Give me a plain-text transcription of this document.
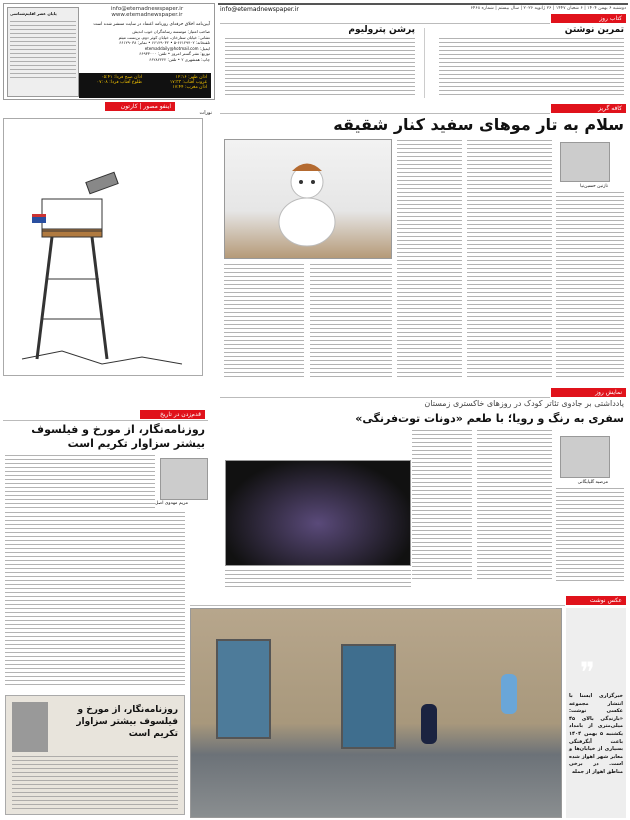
info@etemadnewspaper.ir	دوشنبه ۶ بهمن ۱۴۰۴ | ۶ شعبان ۱۴۴۷ | ۲۶ ژانویه ۲۰۲۶ | سال بیستم | شماره ۶۴۶۸
پایان عصر اقلیم‌شناسی
info@etemadnewspaper.ir
www.etemadnewspaper.ir
آیین‌نامه اخلاق حرفه‌ای روزنامه اعتماد در سایت منتشر شده است
صاحب امتیاز: موسسه رسانه‌گران خوب اندیش
نشانی: خیابان ستارخان، خیابان کوثر دوم، بن‌بست میثم
تلفنخانه: ۶۶۱۲۹۴۰۲-۵ • ۶۶۱۲۹۰۳۲ • نمابر: ۶۶۱۲۹۰۳۸
ایمیل: etemaddaily@hotmail.com
توزیع: نشر گستر امروز • تلفن: ۶۶۹۳۳۰۰۰
چاپ: همشهری ۲ • تلفن: ۶۶۲۸۲۲۲۲
اذان ظهر: ۱۲:۱۶
غروب آفتاب: ۱۷:۳۳
اذان مغرب: ۱۷:۴۴
اذان صبح فردا: ۰۵:۴۱
طلوع آفتاب فردا: ۰۷:۰۸
اینفو مصور | کارتون
نورات
قدم‌زدن در تاریخ
روزنامه‌نگار، از مورخ و فیلسوف بیشتر سزاوار تکریم است
مریم مهدوی اصل
روزنامه‌نگار، از مورخ و فیلسوف بیشتر سزاوار تکریم است
کتاب روز
تمرین نوشتن
پرشن پترولیوم
کافه گریز
سلام به تار موهای سفید کنار شقیقه
نازنین حسین‌نیا
نمایش روز
یادداشتی بر جادوی تئاتر کودک در روزهای خاکستری زمستان
سفری به رنگ و رویا؛ با طعم «دونات توت‌فرنگی»
مرضیه گلپایگانی
عکس نوشت
❞
خبرگزاری ایسنا با انتشار مجموعه عکسی نوشت: «بارندگی بالای ۴۵ میلی‌متری از بامداد یکشنبه ۵ بهمن ۱۴۰۴ باعث آبگرفتگی بسیاری از خیابان‌ها و معابر شهر اهواز شده است. در برخی مناطق اهواز از جمله
